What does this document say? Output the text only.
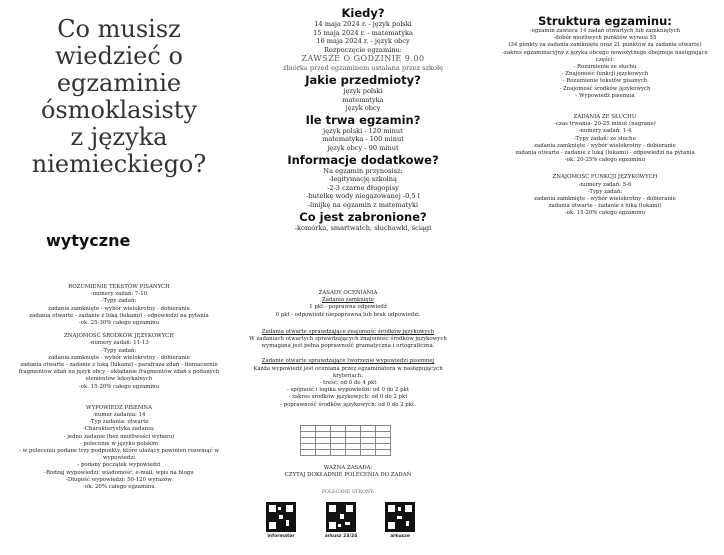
Co musisz
wiedzieć o
egzaminie
ósmoklasisty
z języka
niemieckiego?
wytyczne

Kiedy?

14 maja 2024 r. - język polski

15 maja 2024 r. - matematyka

16 maja 2024 r. - język obcy

Rozpoczęcie egzaminu:

ZAWSZE O GODZINIE 9.00

zbiórka przed egzaminem ustalana przez szkołę

Jakie przedmioty?

język polski

matematyka

język obcy

Ile trwa egzamin?

język polski - 120 minut

matematyka - 100 minut

język obcy - 90 minut

Informacje dodatkowe?

Na egzamin przynosisz:

-legitymację szkolną

-2-3 czarne długopisy

-butelkę wody niegazowanej -0,5 l

-linijkę na egzamin z matematyki

Co jest zabronione?

-komórka, smartwatch, słuchawki, ściągi

Struktura egzaminu:

-egzamin zawiera 14 zadań otwartych lub zamkniętych

-dobór możliwych punktów wynosi 55

(34 punkty za zadania zamknięte oraz 21 punktów za zadania otwarte)

-zakres egzaminacyjny z języka obcego nowożytnego obejmuje następujące

części:

- Rozumienie ze słuchu

- Znajomość funkcji językowych

- Rozumienie tekstów pisanych

- Znajomość środków językowych

- Wypowiedź pisemna

ZADANIA ZE SŁUCHU

-czas trwania- 20-25 minut (nagrane)

-numery zadań: 1-4

-Typy zadań: ze słuchu

zadania zamknięte - wybór wielokrotny - dobieranie

zadania otwarte - zadanie z luką (lukami) - odpowiedzi na pytania

-ok. 20-25% całego egzaminu

ZNAJOMOŚĆ FUNKCJI JĘZYKOWYCH

-numery zadań: 5-6

-Typy zadań:

zadania zamknięte - wybór wielokrotny - dobieranie

zadania otwarte - zadanie z luką (lukami)

-ok. 15-20% całego egzaminu

ROZUMIENIE TEKSTÓW PISANYCH

-numery zadań: 7-10

-Typy zadań:

zadania zamknięte - wybór wielokrotny - dobieranie

zadania otwarte - zadanie z luką (lukami) - odpowiedzi na pytania

-ok. 25-30% całego egzaminu

ZNAJOMOŚĆ ŚRODKÓW JĘZYKOWYCH

-numery zadań: 11-13

-Typy zadań:

zadania zamknięte - wybór wielokrotny - dobieranie

zadania otwarte - zadanie z luką (lukami) - parafraza zdań - tłumaczenie

fragmentów zdań na język obcy - układanie fragmentów zdań z podanych

elementów leksykalnych

-ok. 15-20% całego egzaminu

WYPOWIEDŹ PISEMNA

-numer zadania: 14

-Typ zadania: otwarte

-Charakterystyka zadania:

- jedno zadanie (bez możliwości wyboru)

- polecenie w języku polskim

- w poleceniu podane trzy podpunkty, które ułażący powinien rozwinąć w

wypowiedzi

- podany początek wypowiedzi

-Rodzaj wypowiedzi: wiadomość, e-mail, wpis na blogu

-Długość wypowiedzi: 50-120 wyrazów

-ok. 20% całego egzaminu

ZASADY OCENIANIA

Zadania zamknięte

1 pkt - poprawna odpowiedź

0 pkt - odpowiedź niepoprawna lub brak odpowiedzi.

Zadania otwarte sprawdzające znajomość środków językowych

W zadaniach otwartych sprawdzających znajomość środków językowych

wymagana jest pełna poprawność gramatyczna i ortograficzna.

Zadanie otwarte sprawdzające tworzenie wypowiedzi pisemnej

Każda wypowiedź jest oceniana przez egzaminatora w następujących

kryteriach:

- treść: od 0 do 4 pkt

- spójność i logika wypowiedzi: od 0 do 2 pkt

- zakres środków językowych: od 0 do 2 pkt

- poprawność środków językowych: od 0 do 2 pkt.

WAŻNA ZASADA:

CZYTAJ DOKŁADNIE POLECENIA DO ZADAŃ

POLECANE STRONY:

informator	arkusz 23/24	arkusze
